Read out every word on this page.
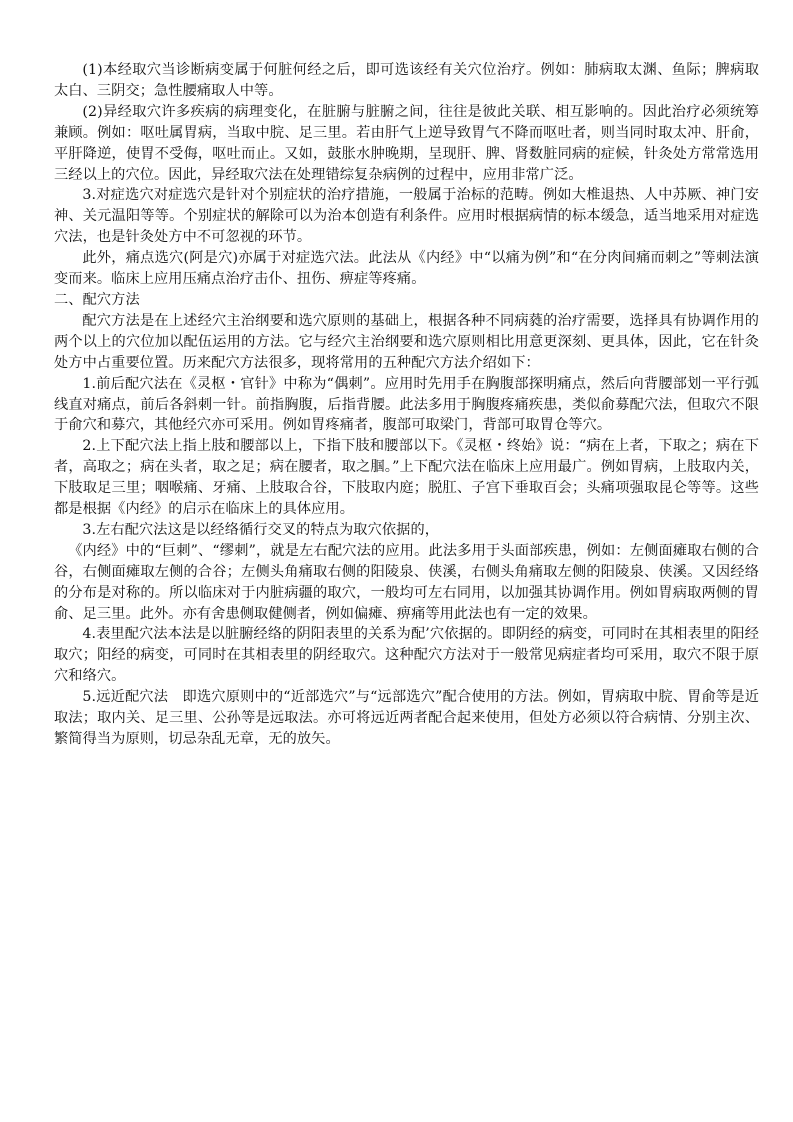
(1)本经取穴当诊断病变属于何脏何经之后，即可选该经有关穴位治疗。例如：肺病取太渊、鱼际；脾病取太白、三阴交；急性腰痛取人中等。

(2)异经取穴许多疾病的病理变化，在脏腑与脏腑之间，往往是彼此关联、相互影响的。因此治疗必须统筹兼顾。例如：呕吐属胃病，当取中脘、足三里。若由肝气上逆导致胃气不降而呕吐者，则当同时取太冲、肝俞，平肝降逆，使胃不受侮，呕吐而止。又如，鼓胀水肿晚期，呈现肝、脾、肾数脏同病的症候，针灸处方常常选用三经以上的穴位。因此，异经取穴法在处理错综复杂病例的过程中，应用非常广泛。

3.对症选穴对症选穴是针对个别症状的治疗措施，一般属于治标的范畴。例如大椎退热、人中苏厥、神门安神、关元温阳等等。个别症状的解除可以为治本创造有利条件。应用时根据病情的标本缓急，适当地采用对症选穴法，也是针灸处方中不可忽视的环节。

此外，痛点选穴(阿是穴)亦属于对症选穴法。此法从《内经》中“以痛为例”和“在分肉间痛而刺之”等刺法演变而来。临床上应用压痛点治疗击仆、扭伤、痹症等疼痛。

二、配穴方法

配穴方法是在上述经穴主治纲要和选穴原则的基础上，根据各种不同病蕤的治疗需要，选择具有协调作用的两个以上的穴位加以配伍运用的方法。它与经穴主治纲要和选穴原则相比用意更深刻、更具体，因此，它在针灸处方中占重要位置。历来配穴方法很多，现将常用的五种配穴方法介绍如下：

1.前后配穴法在《灵枢・官针》中称为“偶刺”。应用时先用手在胸腹部探明痛点，然后向背腰部划一平行弧线直对痛点，前后各斜刺一针。前指胸腹，后指背腰。此法多用于胸腹疼痛疾患，类似俞募配穴法，但取穴不限于俞穴和募穴，其他经穴亦可采用。例如胃疼痛者，腹部可取梁门，背部可取胃仓等穴。

2.上下配穴法上指上肢和腰部以上，下指下肢和腰部以下。《灵枢・终始》说：“病在上者，下取之；病在下者，高取之；病在头者，取之足；病在腰者，取之腘。”上下配穴法在临床上应用最广。例如胃病，上肢取内关，下肢取足三里；咽喉痛、牙痛、上肢取合谷，下肢取内庭；脱肛、子宫下垂取百会；头痛项强取昆仑等等。这些都是根据《内经》的启示在临床上的具体应用。

3.左右配穴法这是以经络循行交叉的特点为取穴依据的，

《内经》中的“巨刺”、“缪刺”，就是左右配穴法的应用。此法多用于头面部疾患，例如：左侧面瘫取右侧的合谷，右侧面瘫取左侧的合谷；左侧头角痛取右侧的阳陵泉、侠溪，右侧头角痛取左侧的阳陵泉、侠溪。又因经络的分布是对称的。所以临床对于内脏病疆的取穴，一般均可左右同用，以加强其协调作用。例如胃病取两侧的胃俞、足三里。此外。亦有舍患侧取健侧者，例如偏瘫、痹痛等用此法也有一定的效果。

4.表里配穴法本法是以脏腑经络的阴阳表里的关系为配’穴依据的。即阴经的病变，可同时在其相表里的阳经取穴；阳经的病变，可同时在其相表里的阴经取穴。这种配穴方法对于一般常见病症者均可采用，取穴不限于原穴和络穴。

5.远近配穴法　即选穴原则中的“近部选穴”与“远部选穴”配合使用的方法。例如，胃病取中脘、胃俞等是近取法；取内关、足三里、公孙等是远取法。亦可将远近两者配合起来使用，但处方必须以符合病情、分别主次、繁简得当为原则，切忌杂乱无章，无的放矢。
